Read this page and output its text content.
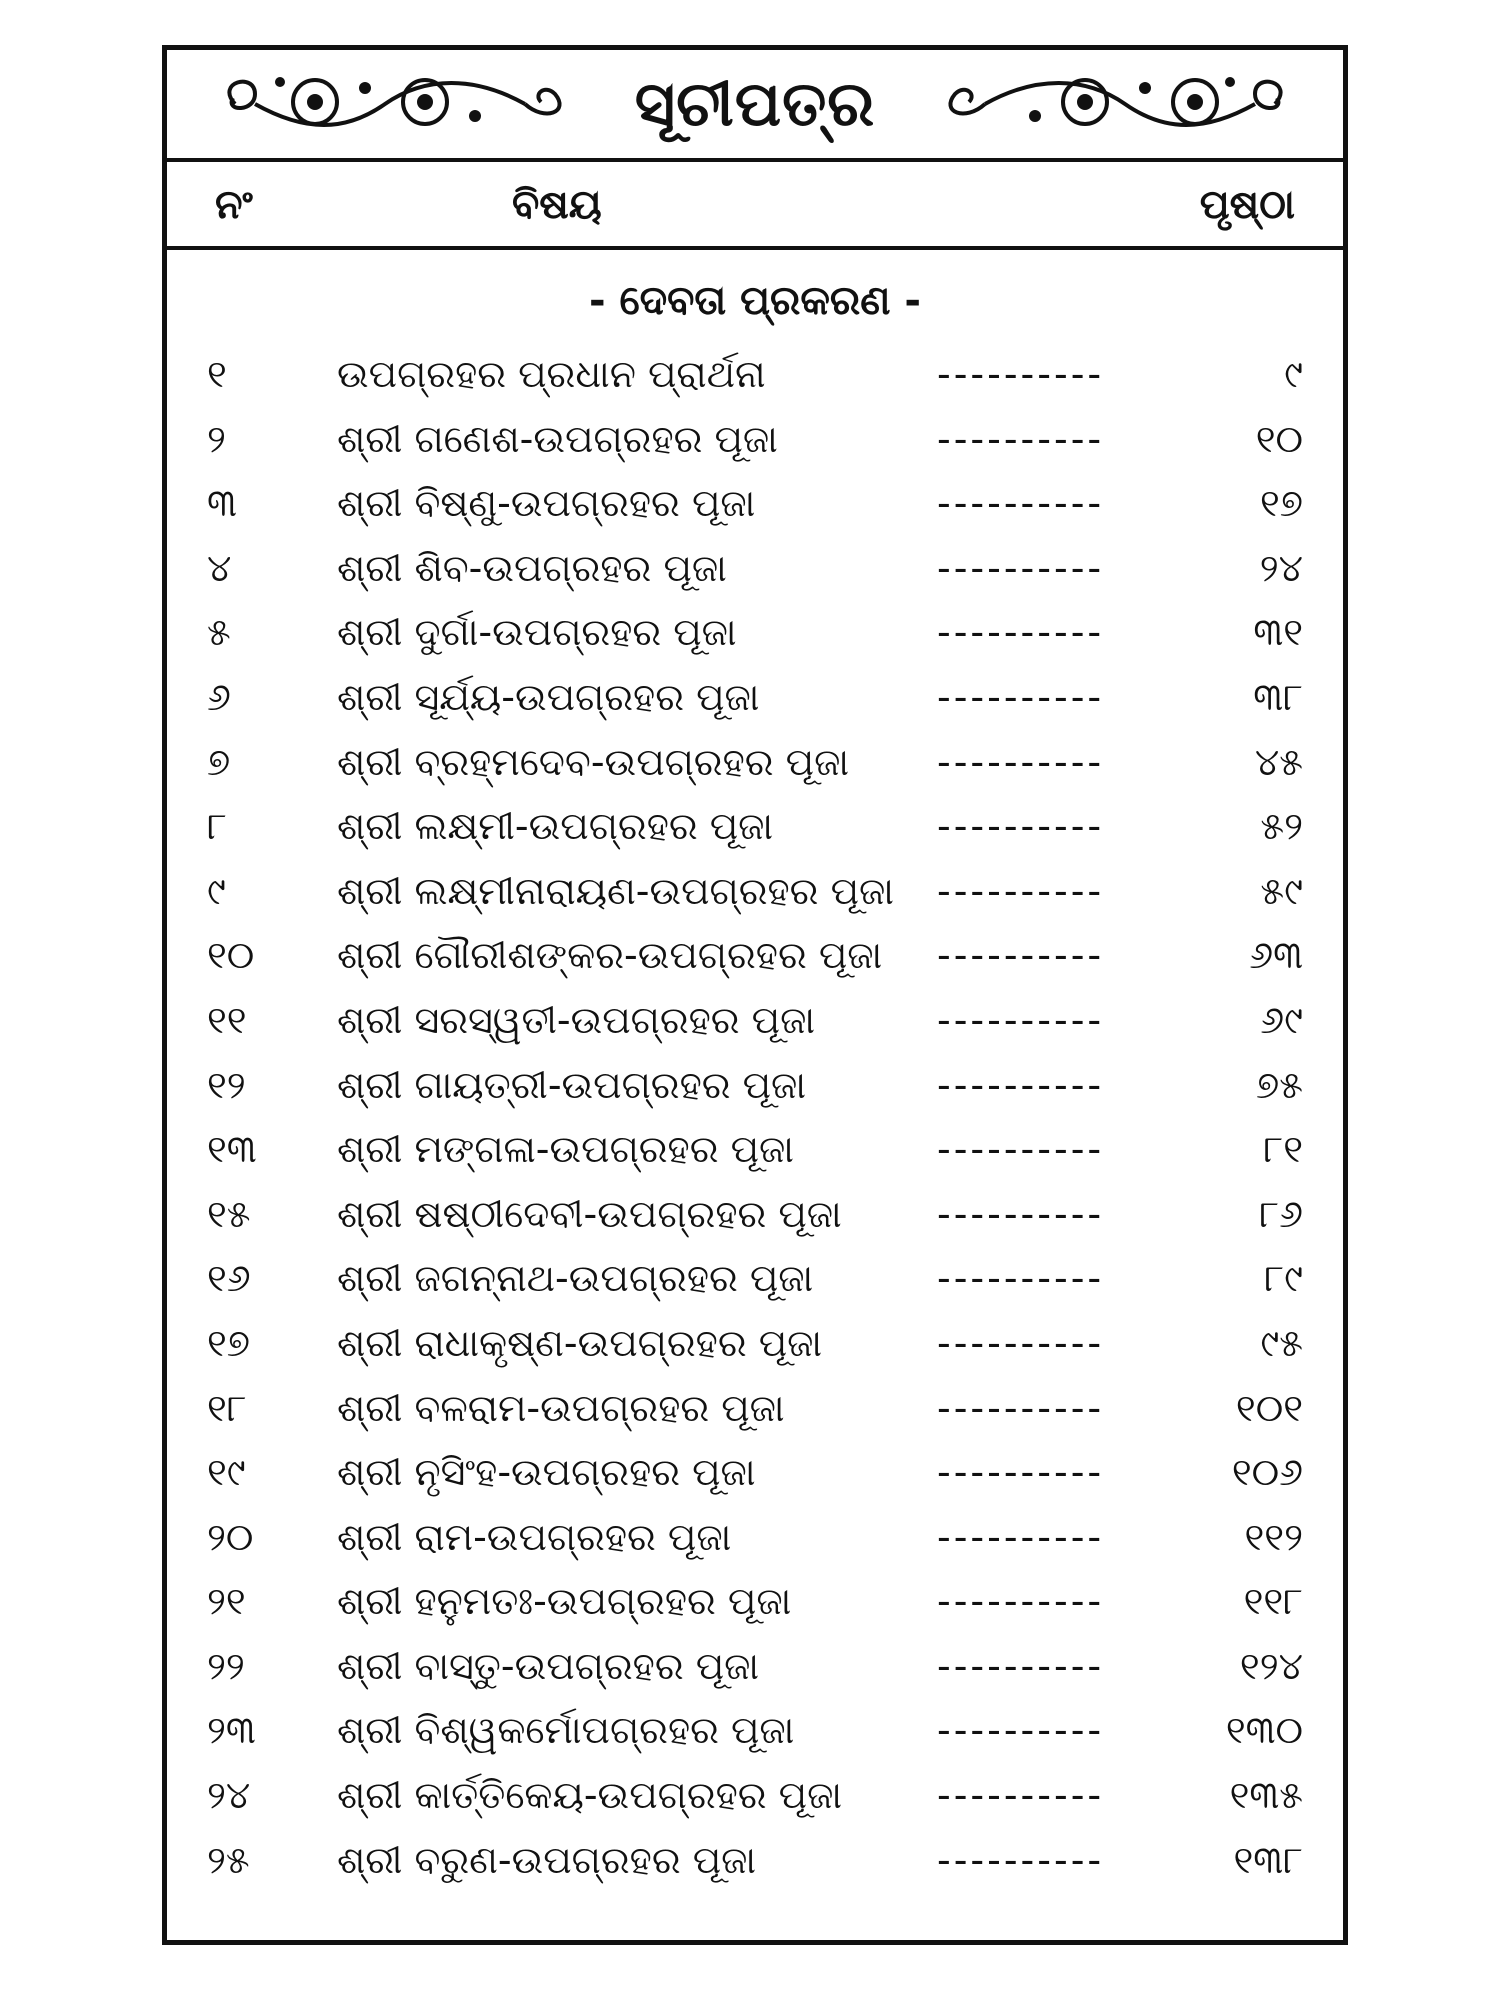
ସୂଚୀପତ୍ର
ନଂ	ବିଷୟ	ପୃଷ୍ଠା
- ଦେବତା ପ୍ରକରଣ -
୧	ଉପଗ୍ରହର ପ୍ରଧାନ ପ୍ରାର୍ଥନା	----------	୯
୨	ଶ୍ରୀ ଗଣେଶ-ଉପଗ୍ରହର ପୂଜା	----------	୧୦
୩	ଶ୍ରୀ ବିଷ୍ଣୁ-ଉପଗ୍ରହର ପୂଜା	----------	୧୭
୪	ଶ୍ରୀ ଶିବ-ଉପଗ୍ରହର ପୂଜା	----------	୨୪
୫	ଶ୍ରୀ ଦୁର୍ଗା-ଉପଗ୍ରହର ପୂଜା	----------	୩୧
୬	ଶ୍ରୀ ସୂର୍ଯ୍ୟ-ଉପଗ୍ରହର ପୂଜା	----------	୩୮
୭	ଶ୍ରୀ ବ୍ରହ୍ମଦେବ-ଉପଗ୍ରହର ପୂଜା ----------	୪୫
୮	ଶ୍ରୀ ଲକ୍ଷ୍ମୀ-ଉପଗ୍ରହର ପୂଜା	----------	୫୨
୯	ଶ୍ରୀ ଲକ୍ଷ୍ମୀନାରାୟଣ-ଉପଗ୍ରହର ପୂଜା ----------	୫୯
୧୦ ଶ୍ରୀ ଗୌରୀଶଙ୍କର-ଉପଗ୍ରହର ପୂଜା ----------	୬୩
୧୧ ଶ୍ରୀ ସରସ୍ୱତୀ-ଉପଗ୍ରହର ପୂଜା	----------	୬୯
୧୨ ଶ୍ରୀ ଗାୟତ୍ରୀ-ଉପଗ୍ରହର ପୂଜା	----------	୭୫
୧୩ ଶ୍ରୀ ମଙ୍ଗଳା-ଉପଗ୍ରହର ପୂଜା	----------	୮୧
୧୫ ଶ୍ରୀ ଷଷ୍ଠୀଦେବୀ-ଉପଗ୍ରହର ପୂଜା	----------	୮୬
୧୬ ଶ୍ରୀ ଜଗନ୍ନାଥ-ଉପଗ୍ରହର ପୂଜା	----------	୮୯
୧୭ ଶ୍ରୀ ରାଧାକୃଷ୍ଣ-ଉପଗ୍ରହର ପୂଜା	----------	୯୫
୧୮ ଶ୍ରୀ ବଳରାମ-ଉପଗ୍ରହର ପୂଜା	----------	୧୦୧
୧୯ ଶ୍ରୀ ନୃସିଂହ-ଉପଗ୍ରହର ପୂଜା	----------	୧୦୬
୨୦ ଶ୍ରୀ ରାମ-ଉପଗ୍ରହର ପୂଜା	----------	୧୧୨
୨୧ ଶ୍ରୀ ହନୁମତଃ-ଉପଗ୍ରହର ପୂଜା	----------	୧୧୮
୨୨ ଶ୍ରୀ ବାସ୍ତୁ-ଉପଗ୍ରହର ପୂଜା	----------	୧୨୪
୨୩ ଶ୍ରୀ ବିଶ୍ୱକର୍ମୋପଗ୍ରହର ପୂଜା	----------	୧୩୦
୨୪ ଶ୍ରୀ କାର୍ତ୍ତିକେୟ-ଉପଗ୍ରହର ପୂଜା ----------	୧୩୫
୨୫ ଶ୍ରୀ ବରୁଣ-ଉପଗ୍ରହର ପୂଜା	----------	୧୩୮
